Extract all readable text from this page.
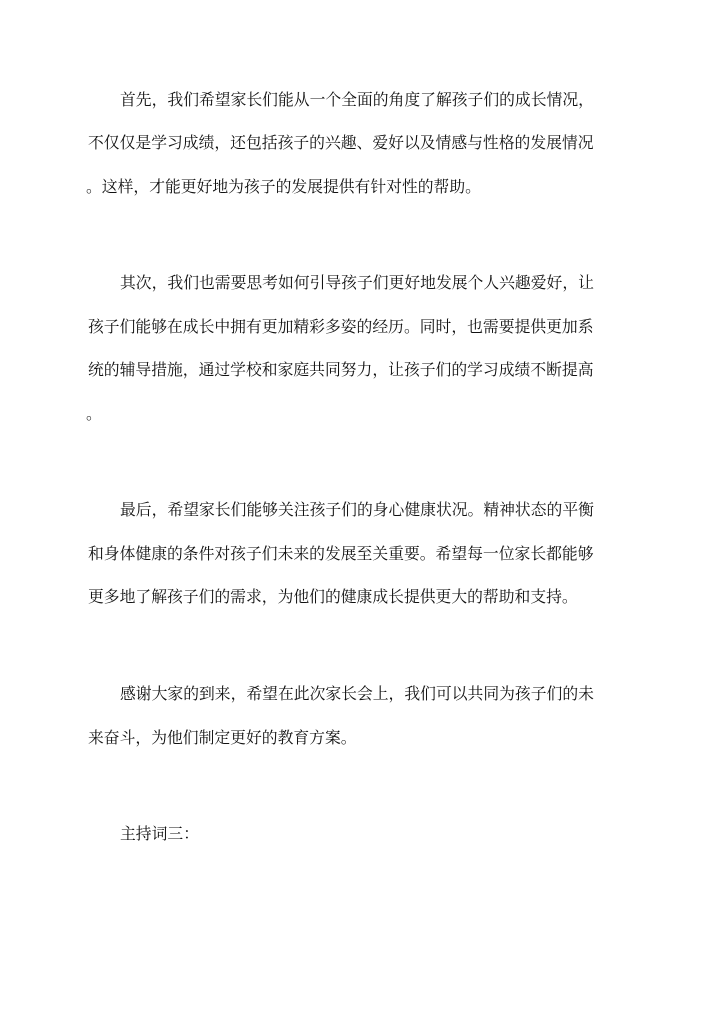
首先，我们希望家长们能从一个全面的角度了解孩子们的成长情况，
不仅仅是学习成绩，还包括孩子的兴趣、爱好以及情感与性格的发展情况
。这样，才能更好地为孩子的发展提供有针对性的帮助。
其次，我们也需要思考如何引导孩子们更好地发展个人兴趣爱好，让
孩子们能够在成长中拥有更加精彩多姿的经历。同时，也需要提供更加系
统的辅导措施，通过学校和家庭共同努力，让孩子们的学习成绩不断提高
。
最后，希望家长们能够关注孩子们的身心健康状况。精神状态的平衡
和身体健康的条件对孩子们未来的发展至关重要。希望每一位家长都能够
更多地了解孩子们的需求，为他们的健康成长提供更大的帮助和支持。
感谢大家的到来，希望在此次家长会上，我们可以共同为孩子们的未
来奋斗，为他们制定更好的教育方案。
主持词三：
